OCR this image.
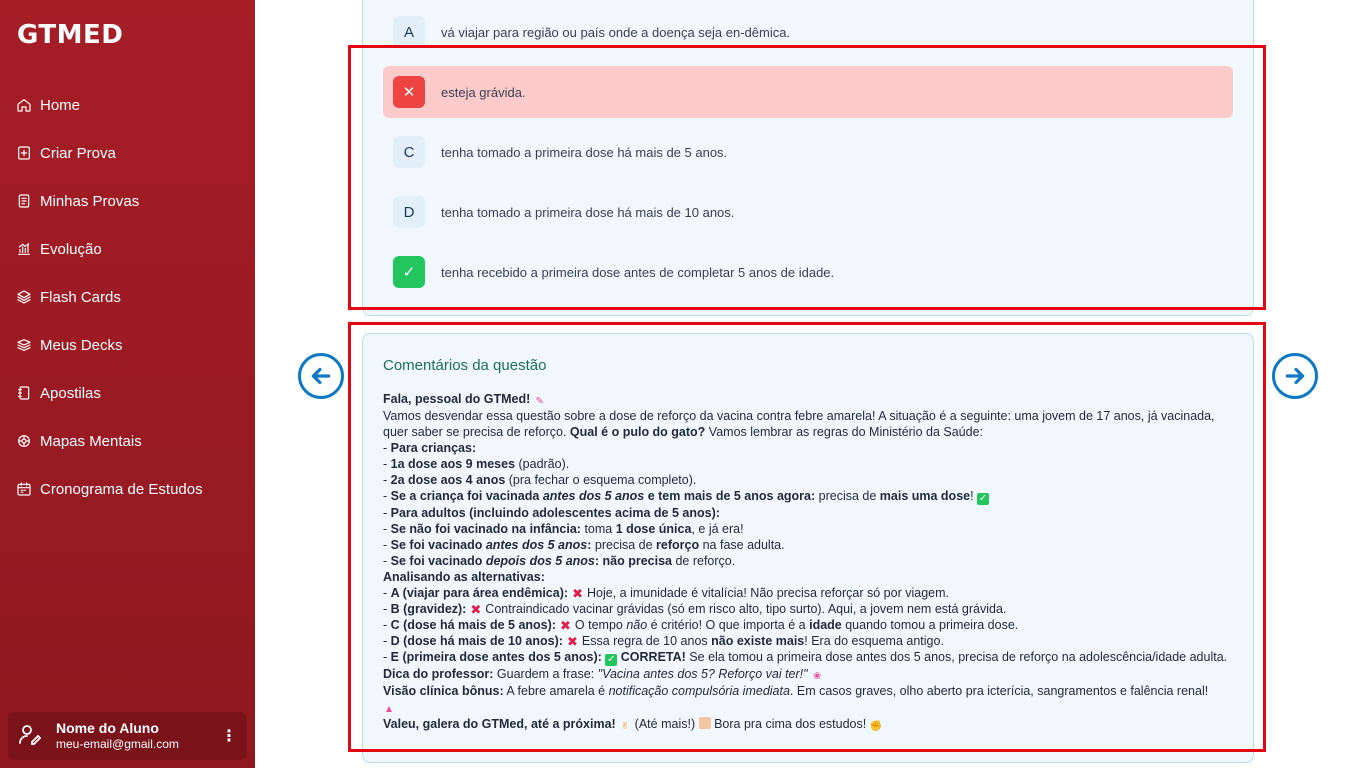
GTMED
Home
Criar Prova
Minhas Provas
Evolução
Flash Cards
Meus Decks
Apostilas
Mapas Mentais
Cronograma de Estudos
Nome do Aluno
meu-email@gmail.com	⋮
A	vá viajar para região ou país onde a doença seja en-dêmica.
✕	esteja grávida.
C	tenha tomado a primeira dose há mais de 5 anos.
D	tenha tomado a primeira dose há mais de 10 anos.
✓	tenha recebido a primeira dose antes de completar 5 anos de idade.
Comentários da questão

Fala, pessoal do GTMed! ✎

Vamos desvendar essa questão sobre a dose de reforço da vacina contra febre amarela! A situação é a seguinte: uma jovem de 17 anos, já vacinada, quer saber se precisa de reforço. Qual é o pulo do gato? Vamos lembrar as regras do Ministério da Saúde:

- Para crianças:

- 1a dose aos 9 meses (padrão).

- 2a dose aos 4 anos (pra fechar o esquema completo).

- Se a criança foi vacinada antes dos 5 anos e tem mais de 5 anos agora: precisa de mais uma dose! ✓

- Para adultos (incluindo adolescentes acima de 5 anos):

- Se não foi vacinado na infância: toma 1 dose única, e já era!

- Se foi vacinado antes dos 5 anos: precisa de reforço na fase adulta.

- Se foi vacinado depois dos 5 anos: não precisa de reforço.

Analisando as alternativas:

- A (viajar para área endêmica): ✖ Hoje, a imunidade é vitalícia! Não precisa reforçar só por viagem.

- B (gravidez): ✖ Contraindicado vacinar grávidas (só em risco alto, tipo surto). Aqui, a jovem nem está grávida.

- C (dose há mais de 5 anos): ✖ O tempo não é critério! O que importa é a idade quando tomou a primeira dose.

- D (dose há mais de 10 anos): ✖ Essa regra de 10 anos não existe mais! Era do esquema antigo.

- E (primeira dose antes dos 5 anos): ✓ CORRETA! Se ela tomou a primeira dose antes dos 5 anos, precisa de reforço na adolescência/idade adulta.

Dica do professor: Guardem a frase: "Vacina antes dos 5? Reforço vai ter!" ❀

Visão clínica bônus: A febre amarela é notificação compulsória imediata. Em casos graves, olho aberto pra icterícia, sangramentos e falência renal!

▲

Valeu, galera do GTMed, até a próxima! ✌ (Até mais!)  Bora pra cima dos estudos! ✊
